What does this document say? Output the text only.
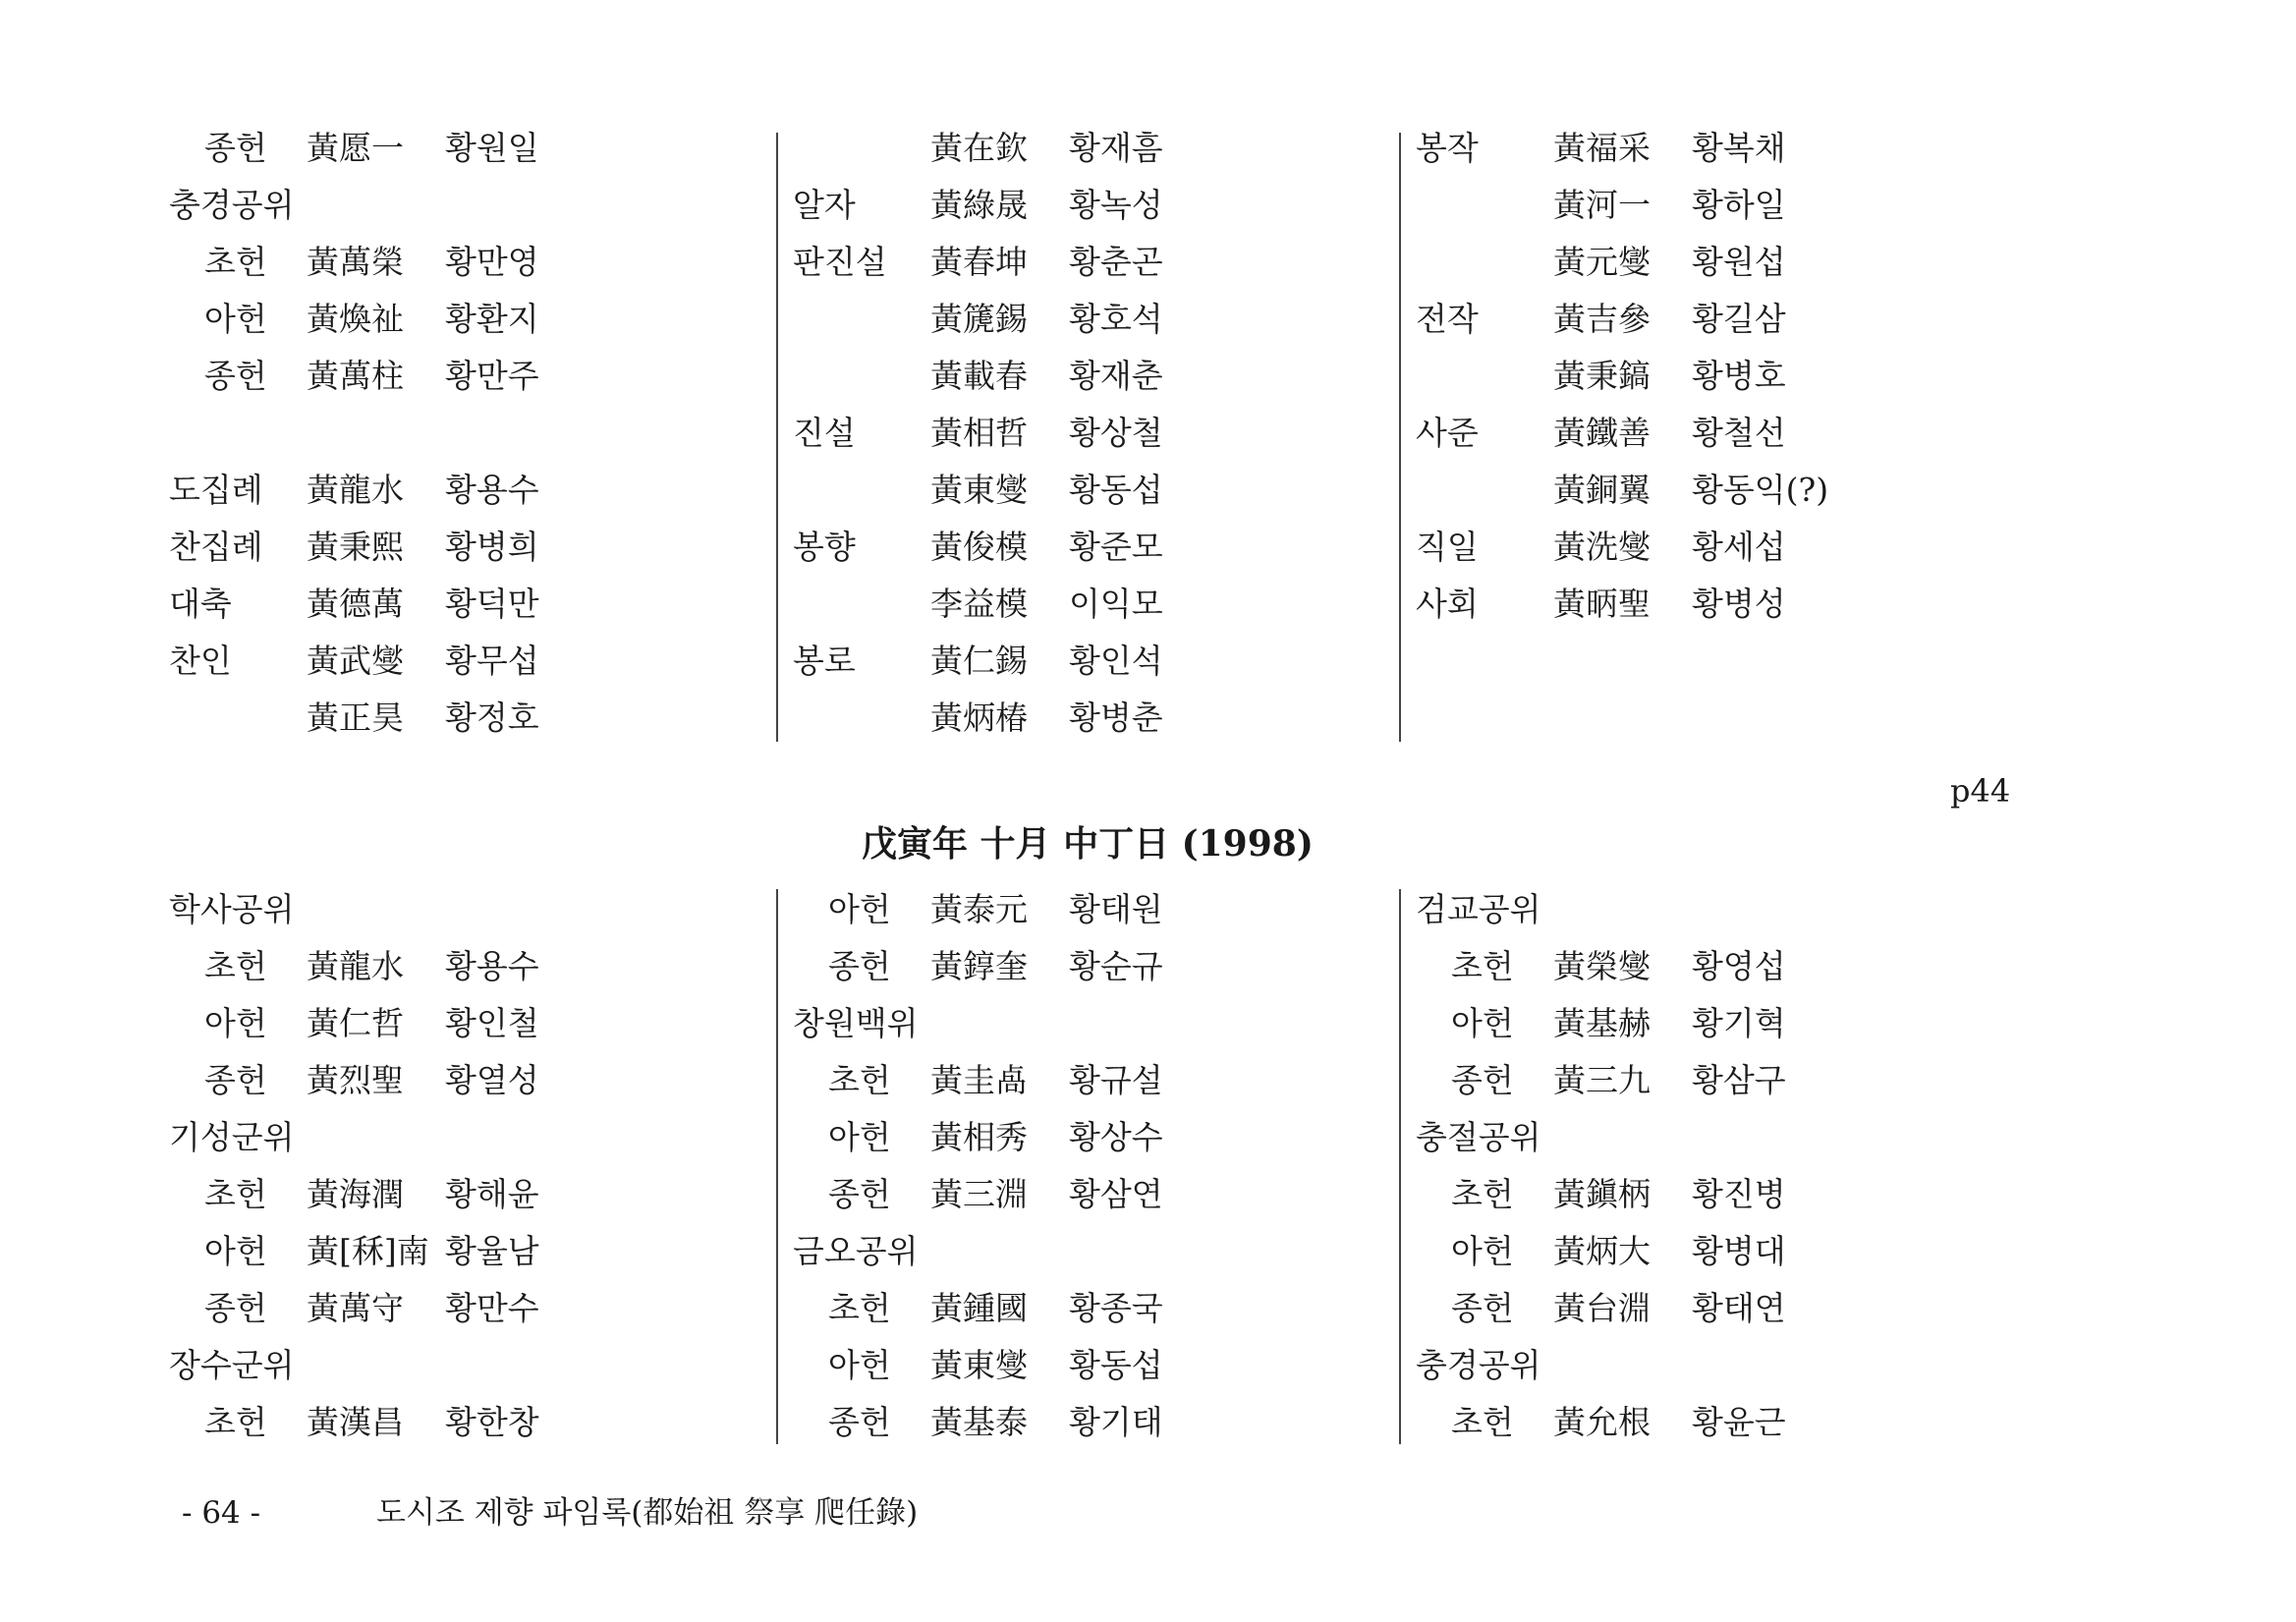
종헌 黃愿一 황원일
충경공위
초헌 黃萬榮 황만영
아헌 黃煥祉 황환지
종헌 黃萬柱 황만주
도집례 黃龍水 황용수
찬집례 黃秉熙 황병희
대축 黃德萬 황덕만
찬인 黃武燮 황무섭
黃正昊 황정호
黃在欽 황재흠
알자 黃綠晟 황녹성
판진설 黃春坤 황춘곤
黃篪錫 황호석
黃載春 황재춘
진설 黃相哲 황상철
黃東燮 황동섭
봉향 黃俊模 황준모
李益模 이익모
봉로 黃仁錫 황인석
黃炳椿 황병춘
봉작 黃福采 황복채
黃河一 황하일
黃元燮 황원섭
전작 黃吉參 황길삼
黃秉鎬 황병호
사준 黃鐵善 황철선
黃銅翼 황동익(?)
직일 黃洗燮 황세섭
사회 黃昞聖 황병성
p44
戊寅年 十月 中丁日 (1998)
학사공위
초헌 黃龍水 황용수
아헌 黃仁哲 황인철
종헌 黃烈聖 황열성
기성군위
초헌 黃海潤 황해윤
아헌 黃[秝]南 황율남
종헌 黃萬守 황만수
장수군위
초헌 黃漢昌 황한창
아헌 黃泰元 황태원
종헌 黃錞奎 황순규
창원백위
초헌 黃圭卨 황규설
아헌 黃相秀 황상수
종헌 黃三淵 황삼연
금오공위
초헌 黃鍾國 황종국
아헌 黃東燮 황동섭
종헌 黃基泰 황기태
검교공위
초헌 黃榮燮 황영섭
아헌 黃基赫 황기혁
종헌 黃三九 황삼구
충절공위
초헌 黃鎭柄 황진병
아헌 黃炳大 황병대
종헌 黃台淵 황태연
충경공위
초헌 黃允根 황윤근
- 64 -	도시조 제향 파임록(都始祖 祭享 爬任錄)
